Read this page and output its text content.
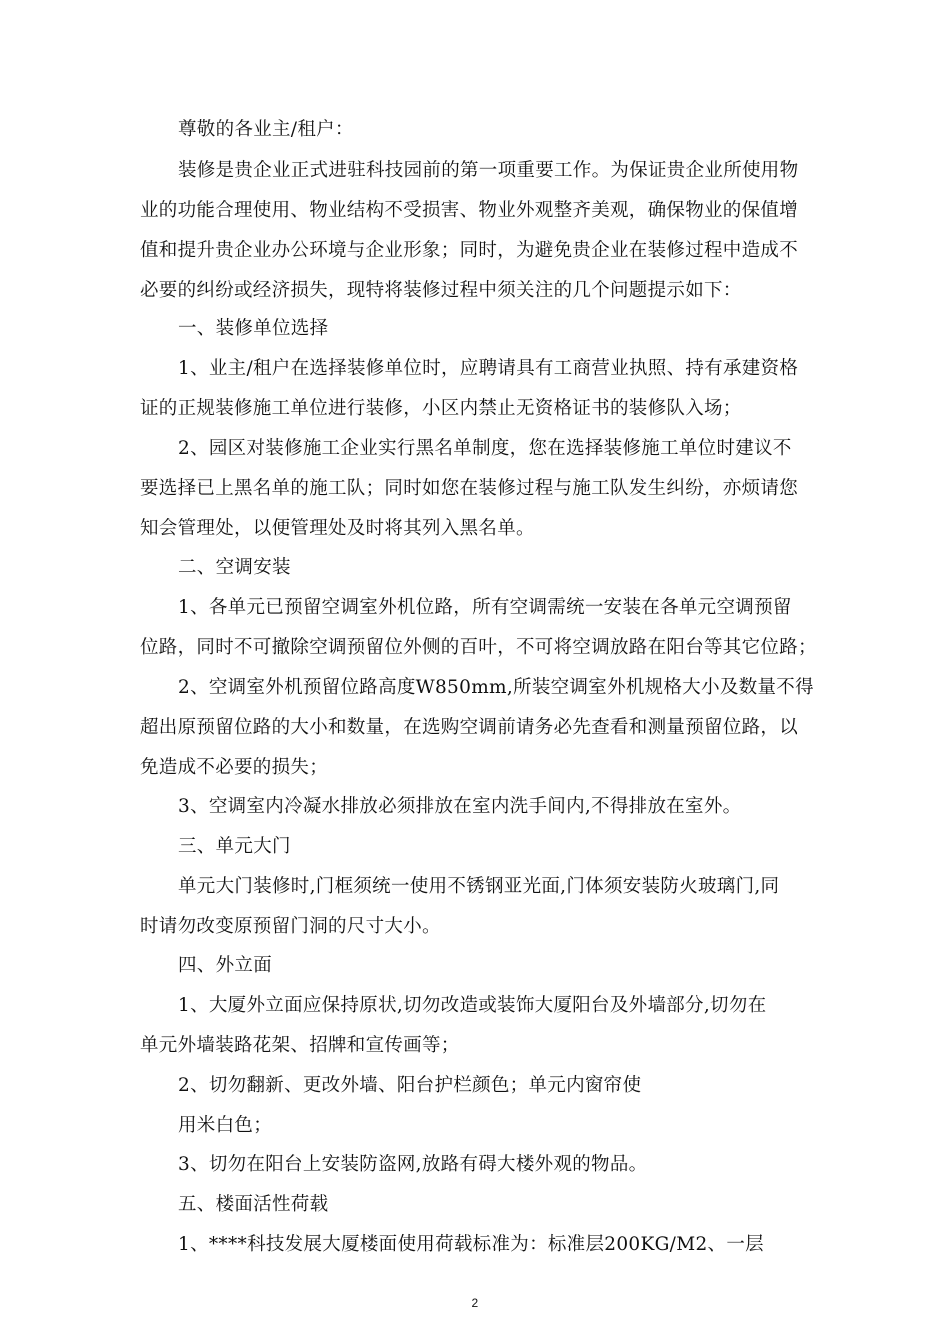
尊敬的各业主/租户：
装修是贵企业正式进驻科技园前的第一项重要工作。为保证贵企业所使用物
业的功能合理使用、物业结构不受损害、物业外观整齐美观，确保物业的保值增
值和提升贵企业办公环境与企业形象；同时，为避免贵企业在装修过程中造成不
必要的纠纷或经济损失，现特将装修过程中须关注的几个问题提示如下：
一、装修单位选择
1、业主/租户在选择装修单位时，应聘请具有工商营业执照、持有承建资格
证的正规装修施工单位进行装修，小区内禁止无资格证书的装修队入场；
2、园区对装修施工企业实行黑名单制度，您在选择装修施工单位时建议不
要选择已上黑名单的施工队；同时如您在装修过程与施工队发生纠纷，亦烦请您
知会管理处，以便管理处及时将其列入黑名单。
二、空调安装
1、各单元已预留空调室外机位路，所有空调需统一安装在各单元空调预留
位路，同时不可撤除空调预留位外侧的百叶，不可将空调放路在阳台等其它位路；
2、空调室外机预留位路高度W850mm,所装空调室外机规格大小及数量不得
超出原预留位路的大小和数量，在选购空调前请务必先查看和测量预留位路，以
免造成不必要的损失；
3、空调室内冷凝水排放必须排放在室内洗手间内,不得排放在室外。
三、单元大门
单元大门装修时,门框须统一使用不锈钢亚光面,门体须安装防火玻璃门,同
时请勿改变原预留门洞的尺寸大小。
四、外立面
1、大厦外立面应保持原状,切勿改造或装饰大厦阳台及外墙部分,切勿在
单元外墙装路花架、招牌和宣传画等；
2、切勿翻新、更改外墙、阳台护栏颜色；单元内窗帘使
用米白色；
3、切勿在阳台上安装防盗网,放路有碍大楼外观的物品。
五、楼面活性荷载
1、****科技发展大厦楼面使用荷载标准为：标准层200KG/M2、一层
2
